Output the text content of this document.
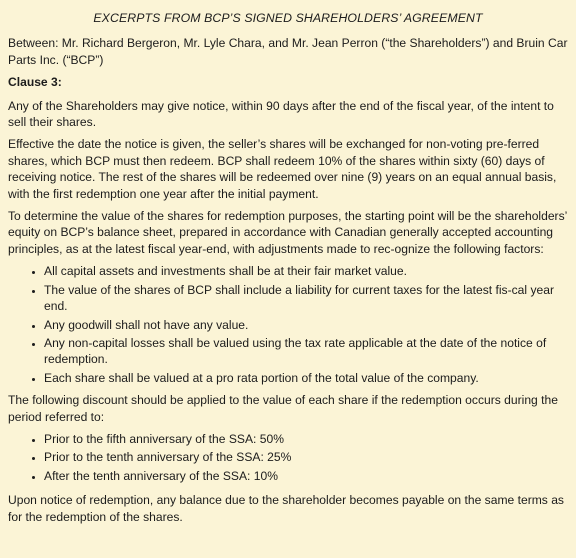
EXCERPTS FROM BCP’S SIGNED SHAREHOLDERS’ AGREEMENT

Between: Mr. Richard Bergeron, Mr. Lyle Chara, and Mr. Jean Perron (“the Shareholders”) and Bruin Car Parts Inc. (“BCP”)

Clause 3:

Any of the Shareholders may give notice, within 90 days after the end of the fiscal year, of the intent to sell their shares.

Effective the date the notice is given, the seller’s shares will be exchanged for non-voting pre-ferred shares, which BCP must then redeem. BCP shall redeem 10% of the shares within sixty (60) days of receiving notice. The rest of the shares will be redeemed over nine (9) years on an equal annual basis, with the first redemption one year after the initial payment.

To determine the value of the shares for redemption purposes, the starting point will be the shareholders’ equity on BCP’s balance sheet, prepared in accordance with Canadian generally accepted accounting principles, as at the latest fiscal year-end, with adjustments made to rec-ognize the following factors:

• All capital assets and investments shall be at their fair market value.
• The value of the shares of BCP shall include a liability for current taxes for the latest fis-cal year end.
• Any goodwill shall not have any value.
• Any non-capital losses shall be valued using the tax rate applicable at the date of the notice of redemption.
• Each share shall be valued at a pro rata portion of the total value of the company.

The following discount should be applied to the value of each share if the redemption occurs during the period referred to:

• Prior to the fifth anniversary of the SSA: 50%
• Prior to the tenth anniversary of the SSA: 25%
• After the tenth anniversary of the SSA: 10%

Upon notice of redemption, any balance due to the shareholder becomes payable on the same terms as for the redemption of the shares.
